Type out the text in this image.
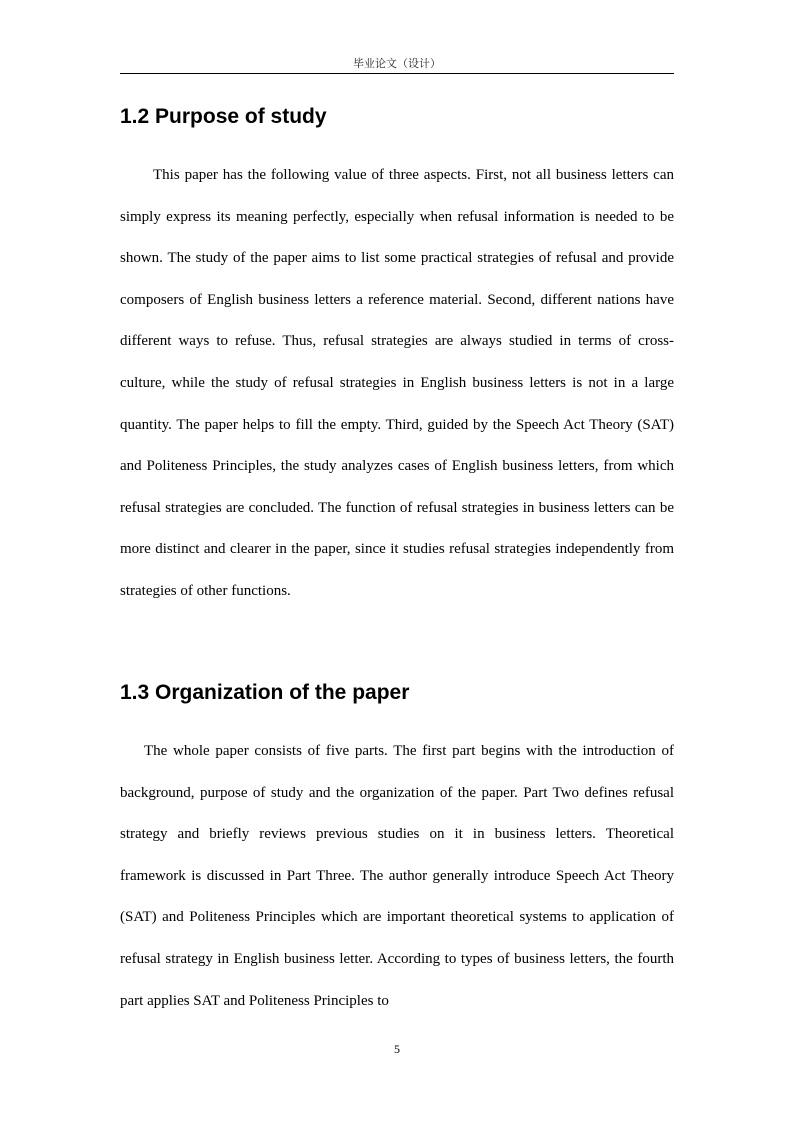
毕业论文（设计）
1.2 Purpose of study

This paper has the following value of three aspects. First, not all business letters can simply express its meaning perfectly, especially when refusal information is needed to be shown. The study of the paper aims to list some practical strategies of refusal and provide composers of English business letters a reference material. Second, different nations have different ways to refuse. Thus, refusal strategies are always studied in terms of cross-culture, while the study of refusal strategies in English business letters is not in a large quantity. The paper helps to fill the empty. Third, guided by the Speech Act Theory (SAT) and Politeness Principles, the study analyzes cases of English business letters, from which refusal strategies are concluded. The function of refusal strategies in business letters can be more distinct and clearer in the paper, since it studies refusal strategies independently from strategies of other functions.

1.3 Organization of the paper

The whole paper consists of five parts. The first part begins with the introduction of background, purpose of study and the organization of the paper. Part Two defines refusal strategy and briefly reviews previous studies on it in business letters. Theoretical framework is discussed in Part Three. The author generally introduce Speech Act Theory (SAT) and Politeness Principles which are important theoretical systems to application of refusal strategy in English business letter. According to types of business letters, the fourth part applies SAT and Politeness Principles to

5
